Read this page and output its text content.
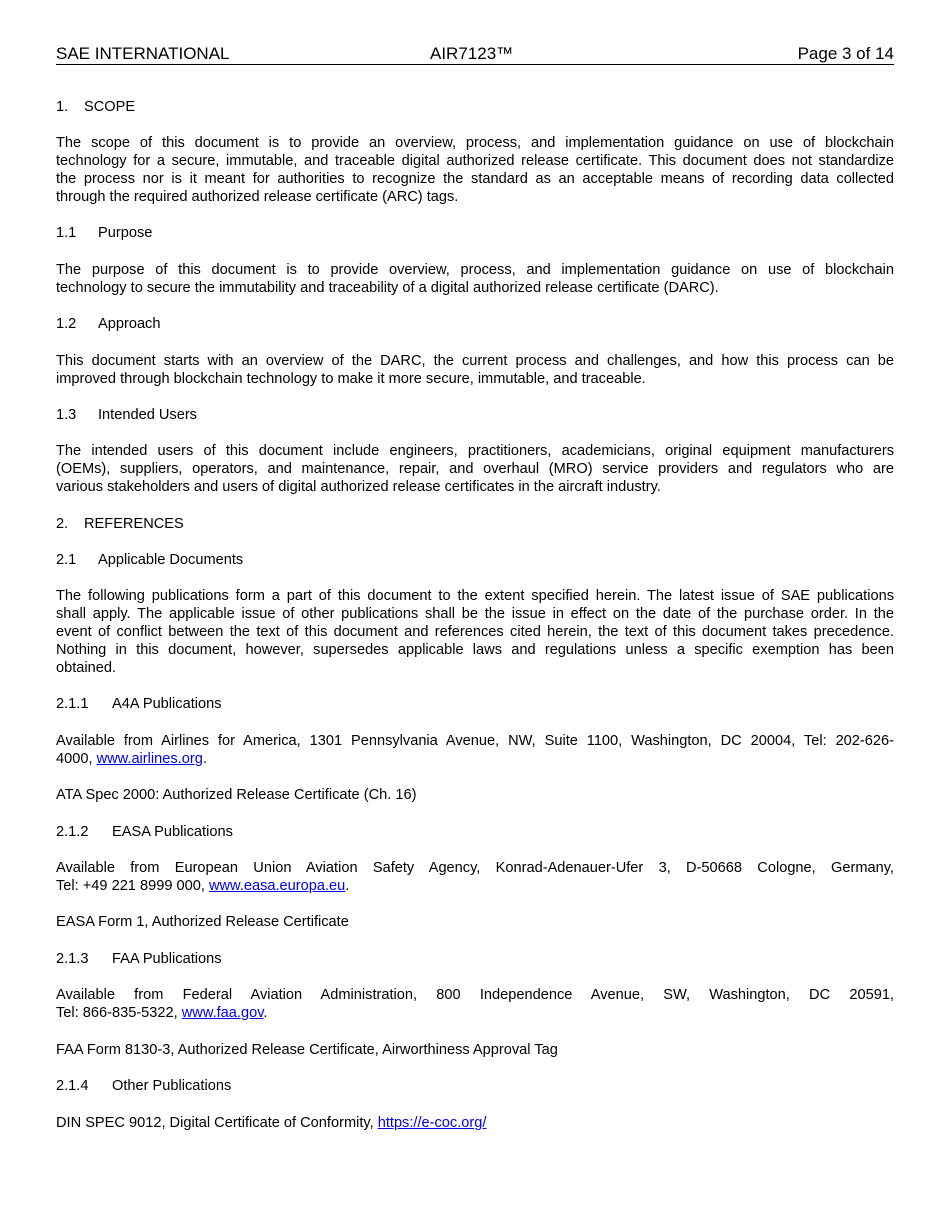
SAE INTERNATIONAL	AIR7123™	Page 3 of 14
1. SCOPE
The scope of this document is to provide an overview, process, and implementation guidance on use of blockchain
technology for a secure, immutable, and traceable digital authorized release certificate. This document does not standardize
the process nor is it meant for authorities to recognize the standard as an acceptable means of recording data collected
through the required authorized release certificate (ARC) tags.
1.1 Purpose
The purpose of this document is to provide overview, process, and implementation guidance on use of blockchain
technology to secure the immutability and traceability of a digital authorized release certificate (DARC).
1.2 Approach
This document starts with an overview of the DARC, the current process and challenges, and how this process can be
improved through blockchain technology to make it more secure, immutable, and traceable.
1.3 Intended Users
The intended users of this document include engineers, practitioners, academicians, original equipment manufacturers
(OEMs), suppliers, operators, and maintenance, repair, and overhaul (MRO) service providers and regulators who are
various stakeholders and users of digital authorized release certificates in the aircraft industry.
2. REFERENCES
2.1 Applicable Documents
The following publications form a part of this document to the extent specified herein. The latest issue of SAE publications
shall apply. The applicable issue of other publications shall be the issue in effect on the date of the purchase order. In the
event of conflict between the text of this document and references cited herein, the text of this document takes precedence.
Nothing in this document, however, supersedes applicable laws and regulations unless a specific exemption has been
obtained.
2.1.1 A4A Publications
Available from Airlines for America, 1301 Pennsylvania Avenue, NW, Suite 1100, Washington, DC 20004, Tel: 202-626-
4000, www.airlines.org.
ATA Spec 2000: Authorized Release Certificate (Ch. 16)
2.1.2 EASA Publications
Available from European Union Aviation Safety Agency, Konrad-Adenauer-Ufer 3, D-50668 Cologne, Germany,
Tel: +49 221 8999 000, www.easa.europa.eu.
EASA Form 1, Authorized Release Certificate
2.1.3 FAA Publications
Available from Federal Aviation Administration, 800 Independence Avenue, SW, Washington, DC 20591,
Tel: 866-835-5322, www.faa.gov.
FAA Form 8130-3, Authorized Release Certificate, Airworthiness Approval Tag
2.1.4 Other Publications
DIN SPEC 9012, Digital Certificate of Conformity, https://e-coc.org/
